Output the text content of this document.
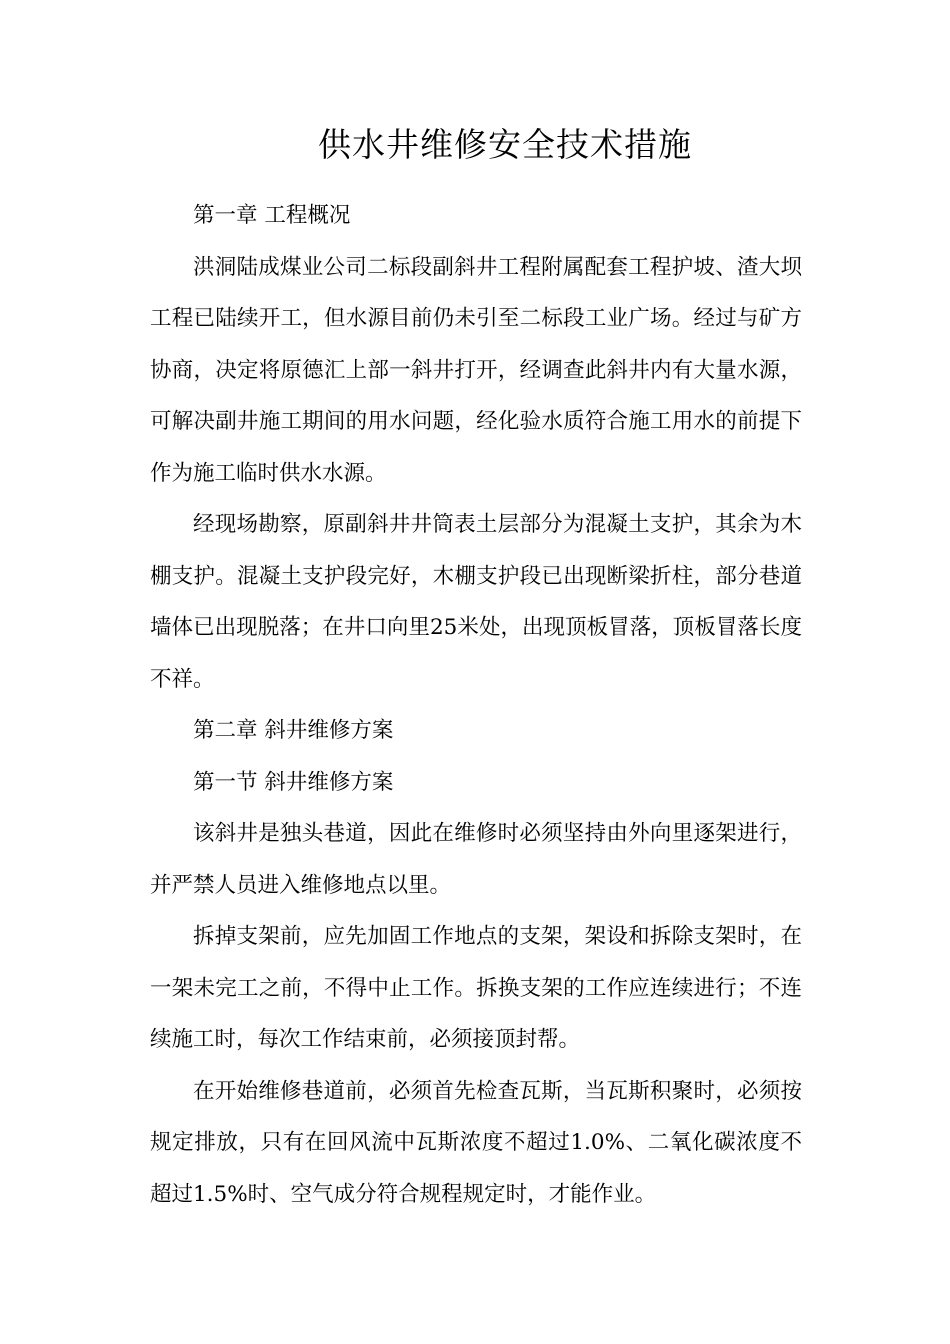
供水井维修安全技术措施

第一章 工程概况

洪洞陆成煤业公司二标段副斜井工程附属配套工程护坡、渣大坝工程已陆续开工，但水源目前仍未引至二标段工业广场。经过与矿方协商，决定将原德汇上部一斜井打开，经调查此斜井内有大量水源，可解决副井施工期间的用水问题，经化验水质符合施工用水的前提下作为施工临时供水水源。

经现场勘察，原副斜井井筒表土层部分为混凝土支护，其余为木棚支护。混凝土支护段完好，木棚支护段已出现断梁折柱，部分巷道墙体已出现脱落；在井口向里25米处，出现顶板冒落，顶板冒落长度不祥。

第二章 斜井维修方案

第一节 斜井维修方案

该斜井是独头巷道，因此在维修时必须坚持由外向里逐架进行，并严禁人员进入维修地点以里。

拆掉支架前，应先加固工作地点的支架，架设和拆除支架时，在一架未完工之前，不得中止工作。拆换支架的工作应连续进行；不连续施工时，每次工作结束前，必须接顶封帮。

在开始维修巷道前，必须首先检查瓦斯，当瓦斯积聚时，必须按规定排放，只有在回风流中瓦斯浓度不超过1.0%、二氧化碳浓度不超过1.5%时、空气成分符合规程规定时，才能作业。
